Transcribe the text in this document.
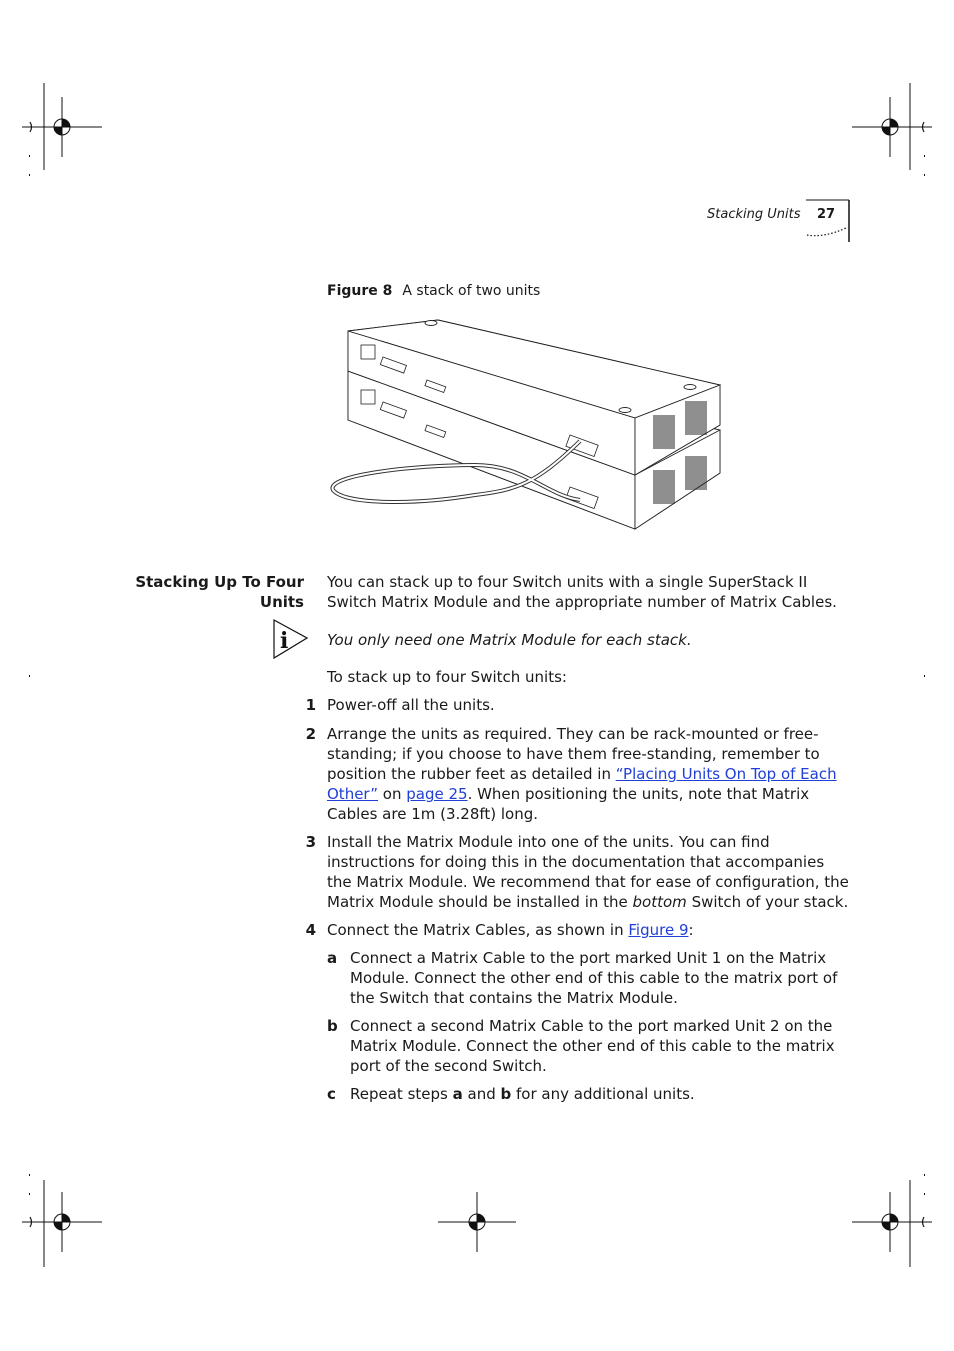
Stacking Units 27
Figure 8 A stack of two units
Stacking Up To Four
Units
You can stack up to four Switch units with a single SuperStack II Switch Matrix Module and the appropriate number of Matrix Cables.
i	You only need one Matrix Module for each stack.
To stack up to four Switch units:
1 Power-off all the units.
2 Arrange the units as required. They can be rack-mounted or free-standing; if you choose to have them free-standing, remember to position the rubber feet as detailed in “Placing Units On Top of Each Other” on page 25. When positioning the units, note that Matrix Cables are 1m (3.28ft) long.
3 Install the Matrix Module into one of the units. You can find instructions for doing this in the documentation that accompanies the Matrix Module. We recommend that for ease of configuration, the Matrix Module should be installed in the bottom Switch of your stack.
4 Connect the Matrix Cables, as shown in Figure 9:
a Connect a Matrix Cable to the port marked Unit 1 on the Matrix Module. Connect the other end of this cable to the matrix port of the Switch that contains the Matrix Module.
b Connect a second Matrix Cable to the port marked Unit 2 on the Matrix Module. Connect the other end of this cable to the matrix port of the second Switch.
c Repeat steps a and b for any additional units.
